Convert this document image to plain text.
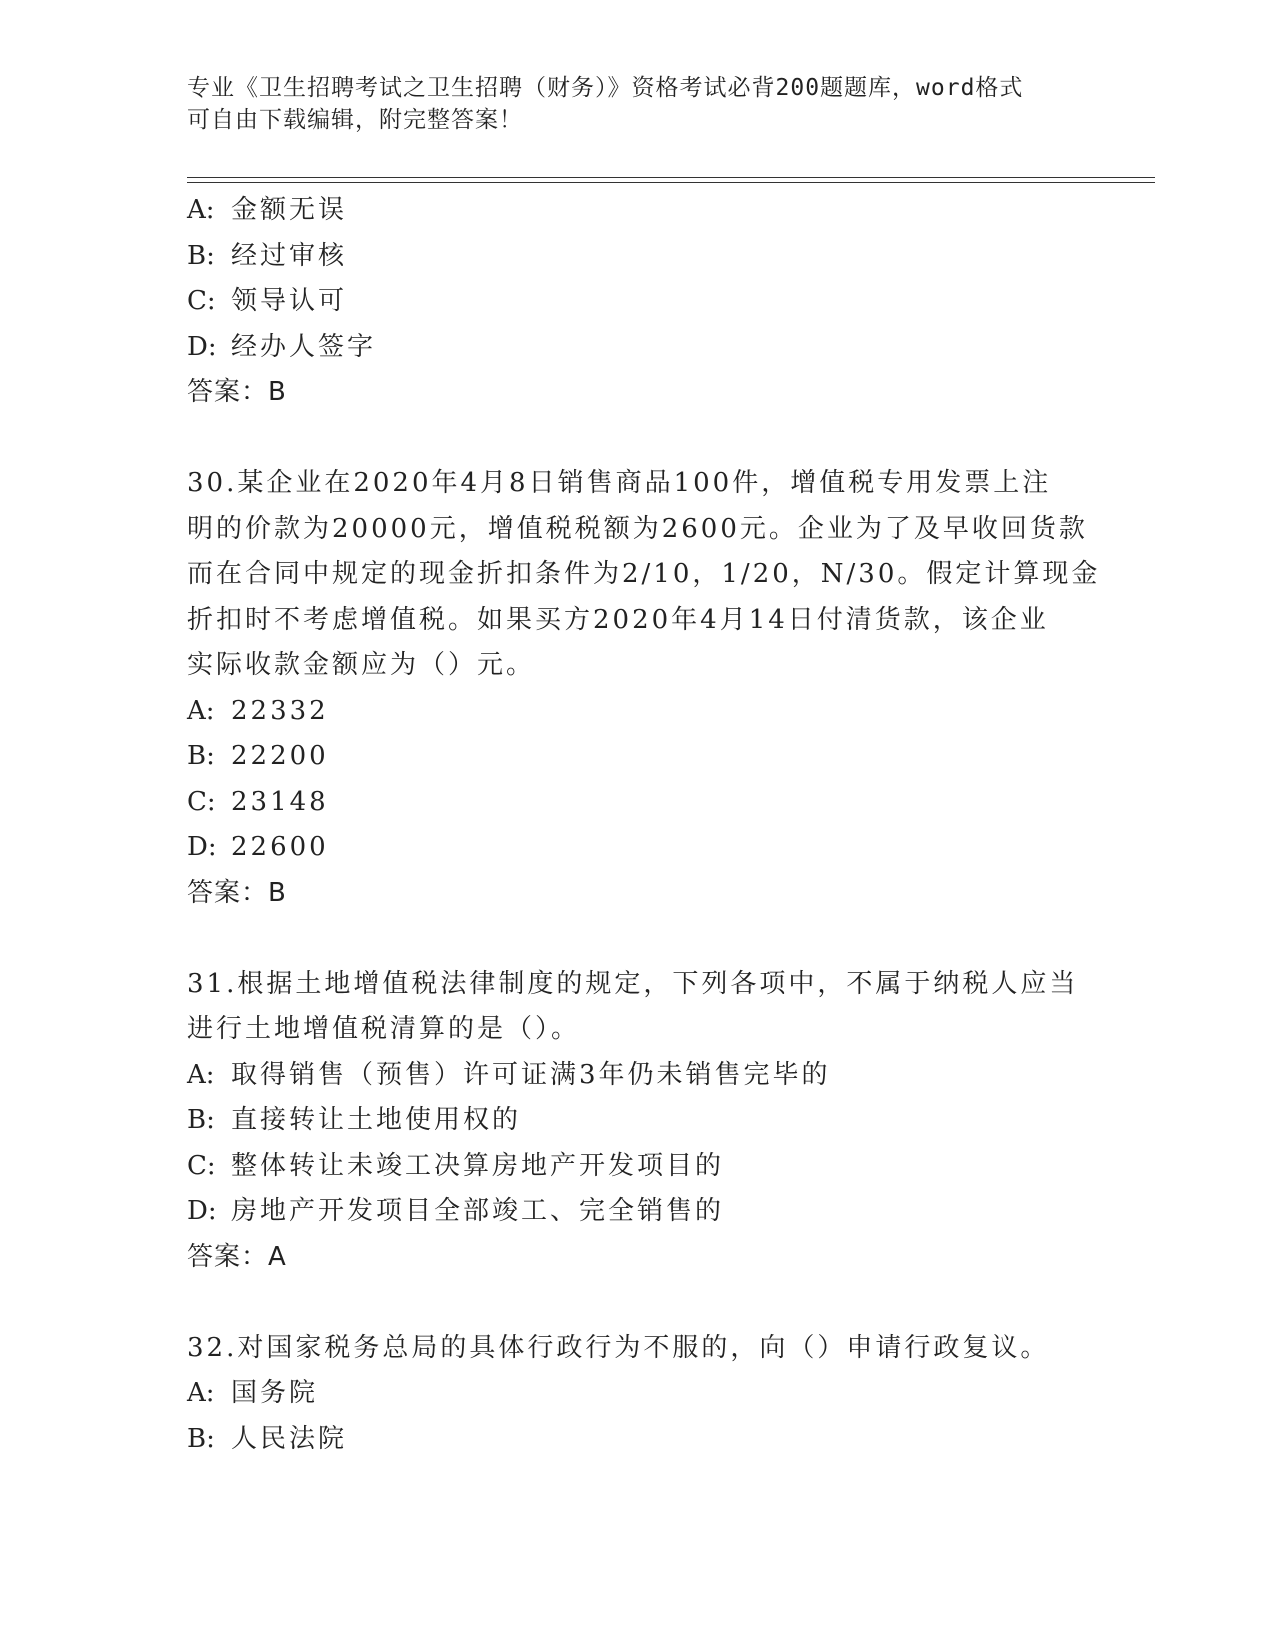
专业《卫生招聘考试之卫生招聘（财务）》资格考试必背200题题库，word格式
可自由下载编辑，附完整答案！
A: 金额无误
B: 经过审核
C: 领导认可
D: 经办人签字
答案：B
30.某企业在2020年4月8日销售商品100件，增值税专用发票上注
明的价款为20000元，增值税税额为2600元。企业为了及早收回货款
而在合同中规定的现金折扣条件为2/10，1/20，N/30。假定计算现金
折扣时不考虑增值税。如果买方2020年4月14日付清货款，该企业
实际收款金额应为（）元。
A: 22332
B: 22200
C: 23148
D: 22600
答案：B
31.根据土地增值税法律制度的规定，下列各项中，不属于纳税人应当
进行土地增值税清算的是（）。
A: 取得销售（预售）许可证满3年仍未销售完毕的
B: 直接转让土地使用权的
C: 整体转让未竣工决算房地产开发项目的
D: 房地产开发项目全部竣工、完全销售的
答案：A
32.对国家税务总局的具体行政行为不服的，向（）申请行政复议。
A: 国务院
B: 人民法院
